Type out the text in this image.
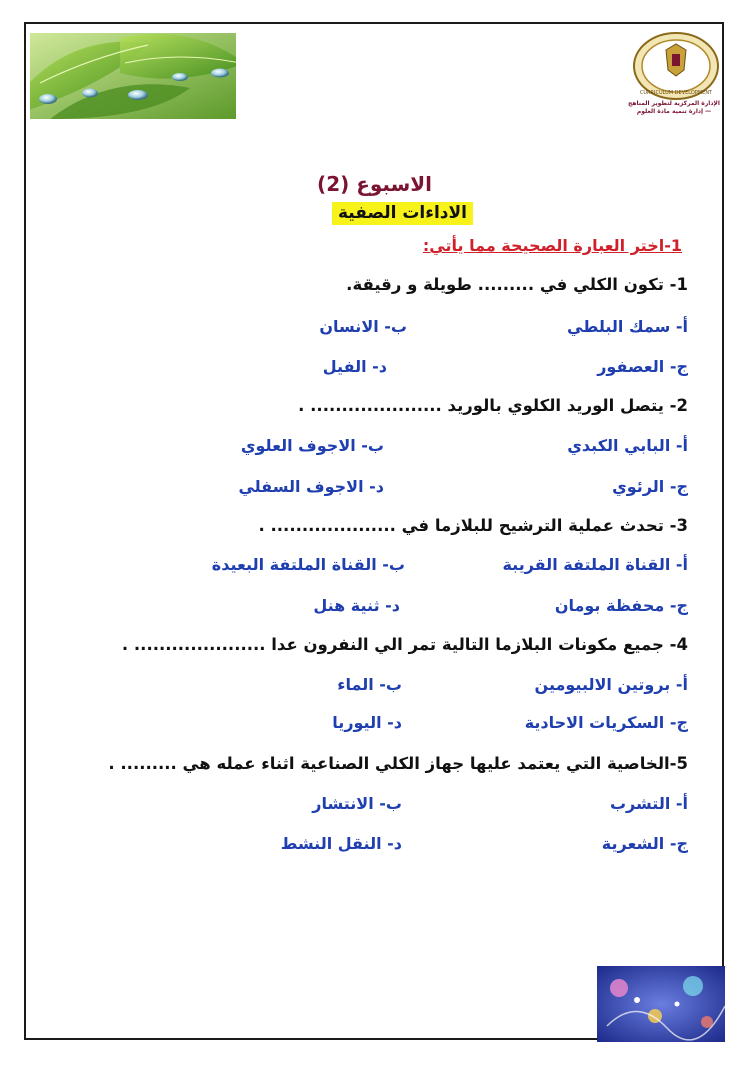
CURRICULUM DEVELOPMENT
الإدارة المركزية لتطوير المناهج — إدارة تنمية مادة العلوم
الاسبوع (2)
الاداءات الصفية
1-اختر العبارة الصحيحة مما يأتي:
1- تكون الكلي في ......... طويلة و رقيقة.
أ- سمك البلطي
ب- الانسان
ج- العصفور
د- الفيل
2- يتصل الوريد الكلوي بالوريد ..................... .
أ- البابي الكبدي
ب- الاجوف العلوي
ج- الرئوي
د- الاجوف السفلي
3- تحدث عملية الترشيح للبلازما في .................... .
أ- القناة الملتفة القريبة
ب- القناة الملتفة البعيدة
ج- محفظة بومان
د- ثنية هنل
4- جميع مكونات البلازما التالية تمر الي النفرون عدا ..................... .
أ- بروتين الالبيومين
ب- الماء
ج- السكريات الاحادية
د- اليوريا
5-الخاصية التي يعتمد عليها جهاز الكلي الصناعية اثناء عمله هي ......... .
أ- التشرب
ب- الانتشار
ج- الشعرية
د- النقل النشط
